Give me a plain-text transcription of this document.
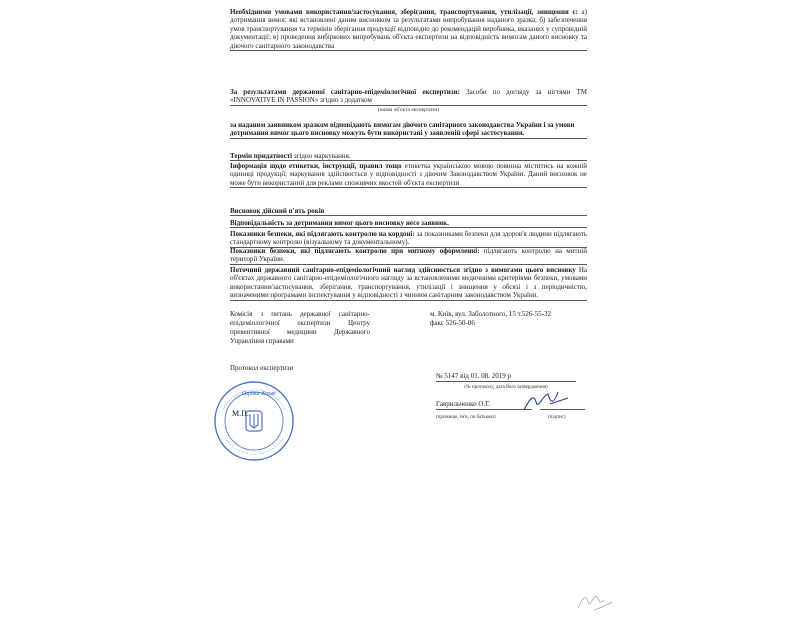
Необхідними умовами використання/застосування, зберігання, транспортування, утилізації, знищення є: а) дотримання вимог, які встановлені даним висновком за результатами випробування наданого зразка; б) забезпечення умов транспортування та термінів зберігання продукції відповідно до рекомендацій виробника, вказаних у супровідній документації; в) проведення вибіркових випробувань об'єкта експертизи на відповідність вимогам даного висновку та діючого санітарного законодавства
За результатами державної санітарно-епідеміологічної експертизи: Засоби по догляду за нігтями ТМ «INNOVATIVE IN PASSION» згідно з додатком
(назва об'єкта експертизи)
за наданим заявником зразком відповідають вимогам діючого санітарного законодавства України і за умови дотримання вимог цього висновку можуть бути використані у заявленій сфері застосування.
Термін придатності згідно маркування.
Інформація щодо етикетки, інструкції, правил тощо етикетка українською мовою повинна міститись на кожній одиниці продукції; маркування здійснюється у відповідності з діючим Законодавством України. Даний висновок не може бути використаний для реклами споживчих якостей об'єкта експертизи
Висновок дійсний п'ять років
Відповідальність за дотримання вимог цього висновку несе заявник.
Показники безпеки, які підлягають контролю на кордоні: за показниками безпеки для здоров'я людини підлягають стандартному контролю (візуальному та документальному).
Показники безпеки, які підлягають контролю при митному оформленні: підлягають контролю на митній території України.
Поточний державний санітарно-епідеміологічний нагляд здійснюється згідно з вимогами цього висновку На об'єктах державного санітарно-епідеміологічного нагляду за встановленими медичними критеріями безпеки, умовами використання/застосування, зберігання, транспортування, утилізації і знищення у обсязі і з періодичністю, визначеними програмами інспектування у відповідності з чинним санітарним законодавством України.
Комісія з питань державної санітарно-епідеміологічної експертизи Центру превентивної медицини Державного Управління справами
м. Київ, вул. Заболотного, 15 т.526-55-32
факс 526-50-06
Протокол експертизи
№ 5147 від 01. 08. 2019 р
(№ протоколу, дата його затвердження)
Гаврильченко О.Г.
(прізвище, ім'я, по батькові)	(підпис)
М.П.
Оцінка ділові
